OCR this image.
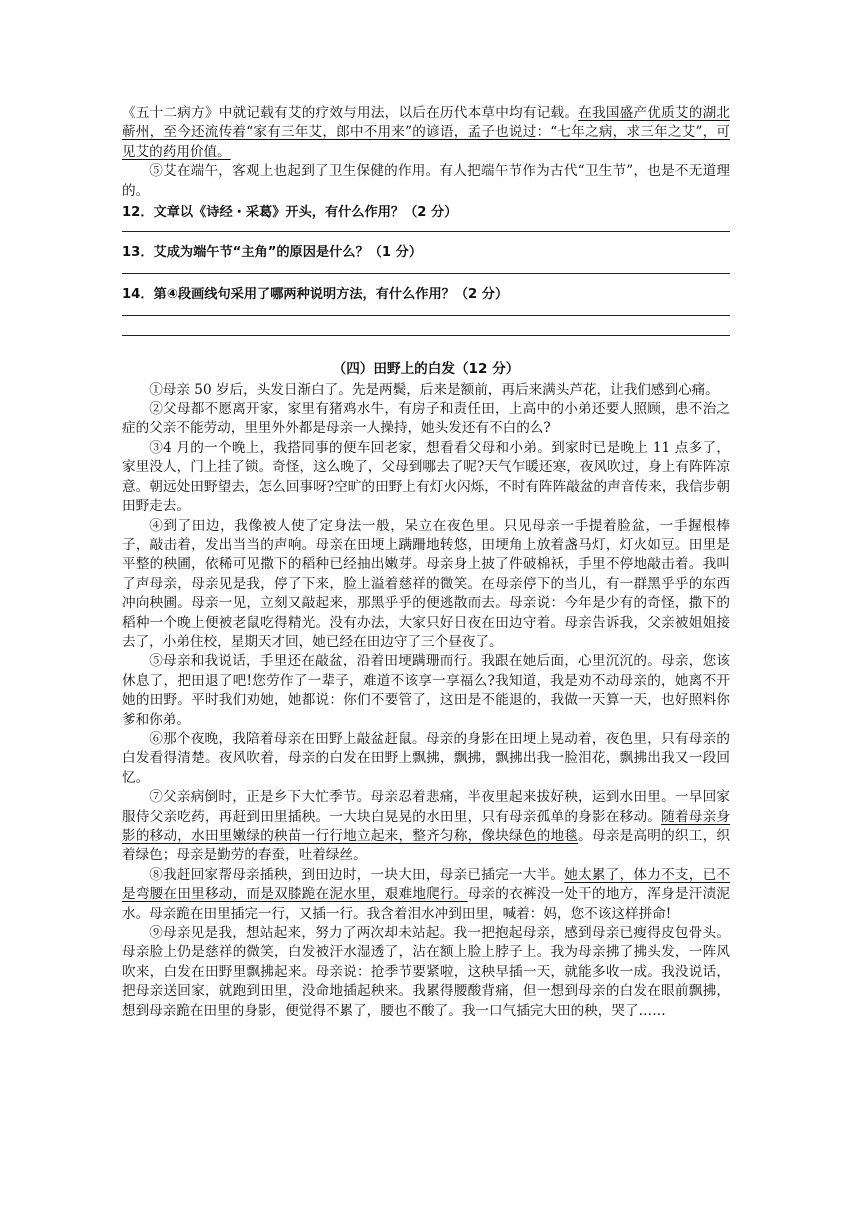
《五十二病方》中就记载有艾的疗效与用法，以后在历代本草中均有记载。在我国盛产优质艾的湖北蕲州，至今还流传着“家有三年艾，郎中不用来”的谚语，孟子也说过：“七年之病，求三年之艾”，可见艾的药用价值。

⑤艾在端午，客观上也起到了卫生保健的作用。有人把端午节作为古代“卫生节”，也是不无道理的。

12．文章以《诗经・采葛》开头，有什么作用？（2 分）

13．艾成为端午节“主角”的原因是什么？（1 分）

14．第④段画线句采用了哪两种说明方法，有什么作用？（2 分）

（四）田野上的白发（12 分）

①母亲 50 岁后，头发日渐白了。先是两鬓，后来是额前，再后来满头芦花，让我们感到心痛。

②父母都不愿离开家，家里有猪鸡水牛，有房子和责任田，上高中的小弟还要人照顾，患不治之症的父亲不能劳动，里里外外都是母亲一人操持，她头发还有不白的么?

③4 月的一个晚上，我搭同事的便车回老家，想看看父母和小弟。到家时已是晚上 11 点多了，家里没人，门上挂了锁。奇怪，这么晚了，父母到哪去了呢?天气乍暖还寒，夜风吹过，身上有阵阵凉意。朝远处田野望去，怎么回事呀?空旷的田野上有灯火闪烁，不时有阵阵敲盆的声音传来，我信步朝田野走去。

④到了田边，我像被人使了定身法一般，呆立在夜色里。只见母亲一手提着脸盆，一手握根棒子，敲击着，发出当当的声响。母亲在田埂上蹒跚地转悠，田埂角上放着盏马灯，灯火如豆。田里是平整的秧圃，依稀可见撒下的稻种已经抽出嫩芽。母亲身上披了件破棉袄，手里不停地敲击着。我叫了声母亲，母亲见是我，停了下来，脸上溢着慈祥的微笑。在母亲停下的当儿，有一群黑乎乎的东西冲向秧圃。母亲一见，立刻又敲起来，那黑乎乎的便逃散而去。母亲说：今年是少有的奇怪，撒下的稻种一个晚上便被老鼠吃得精光。没有办法，大家只好日夜在田边守着。母亲告诉我，父亲被姐姐接去了，小弟住校，星期天才回，她已经在田边守了三个昼夜了。

⑤母亲和我说话，手里还在敲盆，沿着田埂蹒珊而行。我跟在她后面，心里沉沉的。母亲，您该休息了，把田退了吧!您劳作了一辈子，难道不该享一享福么?我知道，我是劝不动母亲的，她离不开她的田野。平时我们劝她，她都说：你们不要管了，这田是不能退的，我做一天算一天，也好照料你爹和你弟。

⑥那个夜晚，我陪着母亲在田野上敲盆赶鼠。母亲的身影在田埂上晃动着，夜色里，只有母亲的白发看得清楚。夜风吹着，母亲的白发在田野上飘拂，飘拂，飘拂出我一脸泪花，飘拂出我又一段回忆。

⑦父亲病倒时，正是乡下大忙季节。母亲忍着悲痛，半夜里起来拔好秧，运到水田里。一早回家服侍父亲吃药，再赶到田里插秧。一大块白晃晃的水田里，只有母亲孤单的身影在移动。随着母亲身影的移动，水田里嫩绿的秧苗一行行地立起来，整齐匀称，像块绿色的地毯。母亲是高明的织工，织着绿色；母亲是勤劳的春蚕，吐着绿丝。

⑧我赶回家帮母亲插秧，到田边时，一块大田，母亲已插完一大半。她太累了，体力不支，已不是弯腰在田里移动，而是双膝跪在泥水里，艰难地爬行。母亲的衣裤没一处干的地方，浑身是汗渍泥水。母亲跪在田里插完一行，又插一行。我含着泪水冲到田里，喊着：妈，您不该这样拼命!

⑨母亲见是我，想站起来，努力了两次却未站起。我一把抱起母亲，感到母亲已瘦得皮包骨头。母亲脸上仍是慈祥的微笑，白发被汗水湿透了，沾在额上脸上脖子上。我为母亲拂了拂头发，一阵风吹来，白发在田野里飘拂起来。母亲说：抢季节要紧啦，这秧早插一天，就能多收一成。我没说话，把母亲送回家，就跑到田里，没命地插起秧来。我累得腰酸背痛，但一想到母亲的白发在眼前飘拂，想到母亲跪在田里的身影，便觉得不累了，腰也不酸了。我一口气插完大田的秧，哭了……
